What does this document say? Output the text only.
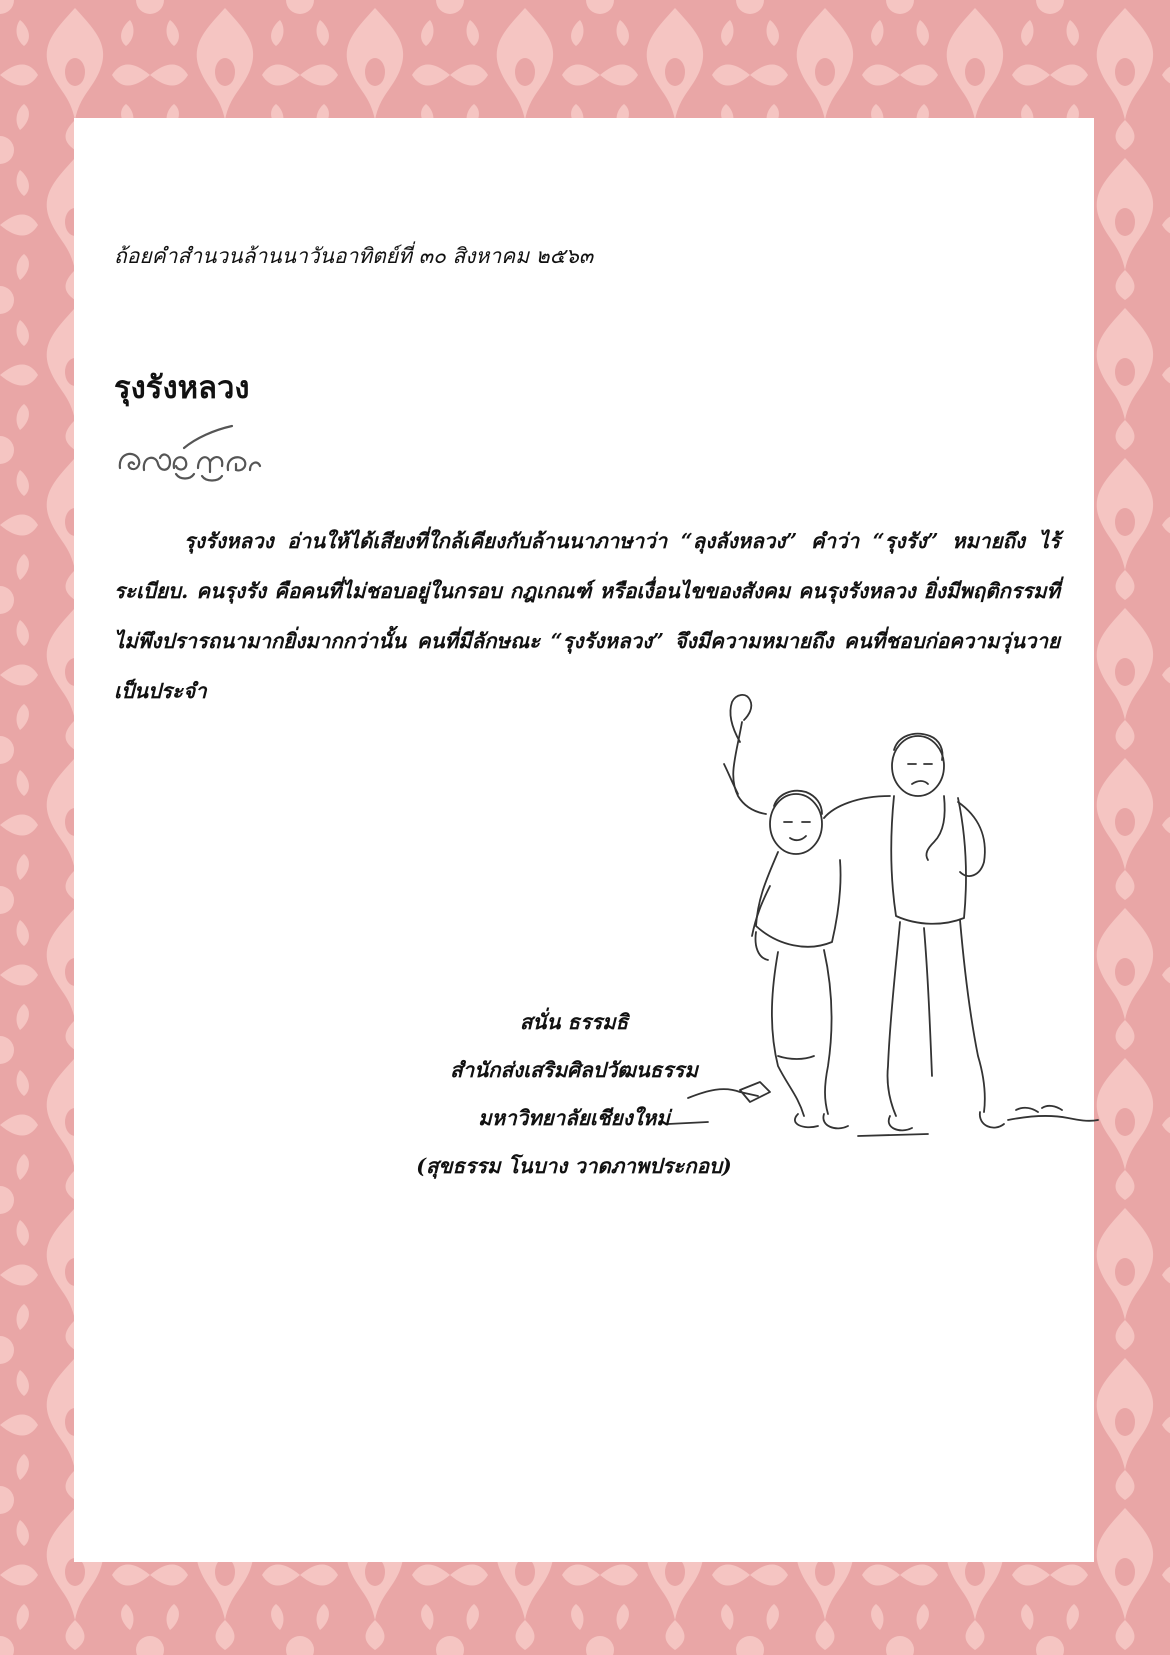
ถ้อยคำสำนวนล้านนาวันอาทิตย์ที่ ๓๐ สิงหาคม ๒๕๖๓
รุงรังหลวง

รุงรังหลวง อ่านให้ได้เสียงที่ใกล้เคียงกับล้านนาภาษาว่า “ลุงลังหลวง” คำว่า “รุงรัง” หมายถึง ไร้ระเบียบ. คนรุงรัง คือคนที่ไม่ชอบอยู่ในกรอบ กฎเกณฑ์ หรือเงื่อนไขของสังคม คนรุงรังหลวง ยิ่งมีพฤติกรรมที่ไม่พึงปรารถนามากยิ่งมากกว่านั้น คนที่มีลักษณะ “รุงรังหลวง” จึงมีความหมายถึง คนที่ชอบก่อความวุ่นวายเป็นประจำ

สนั่น ธรรมธิ
สำนักส่งเสริมศิลปวัฒนธรรม
มหาวิทยาลัยเชียงใหม่
(สุขธรรม โนบาง วาดภาพประกอบ)
